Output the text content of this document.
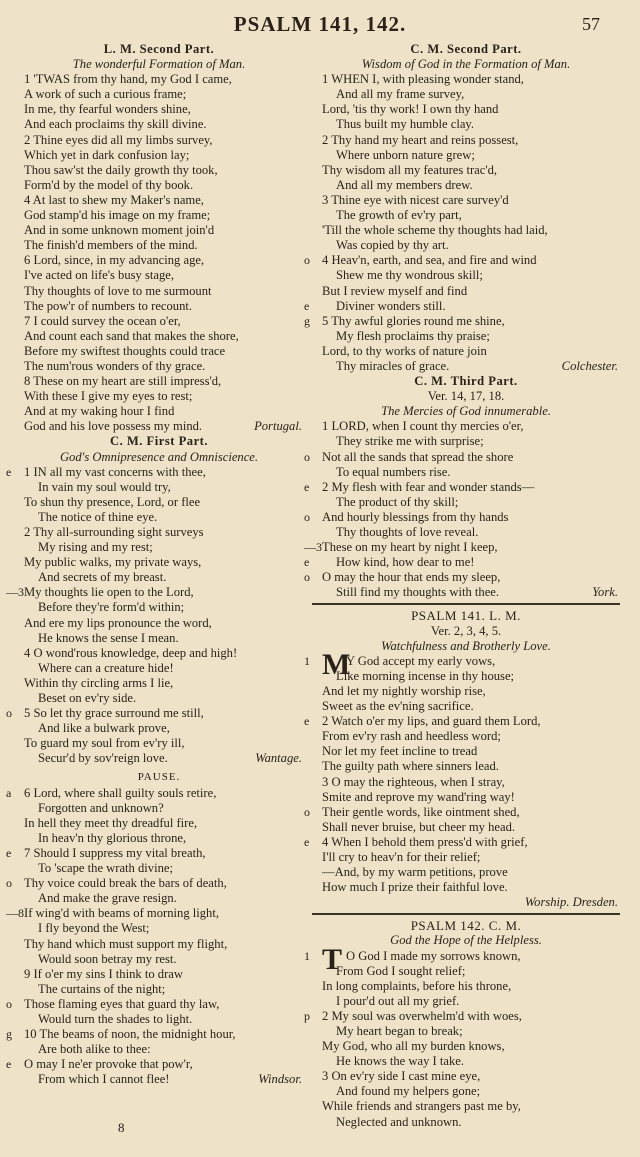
PSALM 141, 142.	57
L. M. Second Part.
The wonderful Formation of Man.
1 'TWAS from thy hand, my God I came,
A work of such a curious frame;
In me, thy fearful wonders shine,
And each proclaims thy skill divine.
2 Thine eyes did all my limbs survey,
Which yet in dark confusion lay;
Thou saw'st the daily growth thy took,
Form'd by the model of thy book.
4 At last to shew my Maker's name,
God stamp'd his image on my frame;
And in some unknown moment join'd
The finish'd members of the mind.
6 Lord, since, in my advancing age,
I've acted on life's busy stage,
Thy thoughts of love to me surmount
The pow'r of numbers to recount.
7 I could survey the ocean o'er,
And count each sand that makes the shore,
Before my swiftest thoughts could trace
The num'rous wonders of thy grace.
8 These on my heart are still impress'd,
With these I give my eyes to rest;
And at my waking hour I find
God and his love possess my mind.	Portugal.
C. M. First Part.
God's Omnipresence and Omniscience.
e 1 IN all my vast concerns with thee,
In vain my soul would try,
To shun thy presence, Lord, or flee
The notice of thine eye.
2 Thy all-surrounding sight surveys
My rising and my rest;
My public walks, my private ways,
And secrets of my breast.
—3 My thoughts lie open to the Lord,
Before they're form'd within;
And ere my lips pronounce the word,
He knows the sense I mean.
4 O wond'rous knowledge, deep and high!
Where can a creature hide!
Within thy circling arms I lie,
Beset on ev'ry side.
o 5 So let thy grace surround me still,
And like a bulwark prove,
To guard my soul from ev'ry ill,
Secur'd by sov'reign love.	Wantage.
PAUSE.
a 6 Lord, where shall guilty souls retire,
Forgotten and unknown?
In hell they meet thy dreadful fire,
In heav'n thy glorious throne,
e 7 Should I suppress my vital breath,
To 'scape the wrath divine;
o Thy voice could break the bars of death,
And make the grave resign.
—8 If wing'd with beams of morning light,
I fly beyond the West;
Thy hand which must support my flight,
Would soon betray my rest.
9 If o'er my sins I think to draw
The curtains of the night;
o Those flaming eyes that guard thy law,
Would turn the shades to light.
g 10 The beams of noon, the midnight hour,
Are both alike to thee:
e O may I ne'er provoke that pow'r,
From which I cannot flee!	Windsor.
C. M. Second Part.
Wisdom of God in the Formation of Man.
1 WHEN I, with pleasing wonder stand,
And all my frame survey,
Lord, 'tis thy work! I own thy hand
Thus built my humble clay.
2 Thy hand my heart and reins possest,
Where unborn nature grew;
Thy wisdom all my features trac'd,
And all my members drew.
3 Thine eye with nicest care survey'd
The growth of ev'ry part,
'Till the whole scheme thy thoughts had laid,
Was copied by thy art.
o 4 Heav'n, earth, and sea, and fire and wind
Shew me thy wondrous skill;
But I review myself and find
e Diviner wonders still.
g 5 Thy awful glories round me shine,
My flesh proclaims thy praise;
Lord, to thy works of nature join
Thy miracles of grace.	Colchester.
C. M. Third Part.
Ver. 14, 17, 18.
The Mercies of God innumerable.
1 LORD, when I count thy mercies o'er,
They strike me with surprise;
o Not all the sands that spread the shore
To equal numbers rise.
e 2 My flesh with fear and wonder stands—
The product of thy skill;
o And hourly blessings from thy hands
Thy thoughts of love reveal.
—3 These on my heart by night I keep,
e How kind, how dear to me!
o O may the hour that ends my sleep,
Still find my thoughts with thee.	York.
PSALM 141. L. M.
Ver. 2, 3, 4, 5.
Watchfulness and Brotherly Love.
1 MY God accept my early vows,
Like morning incense in thy house;
And let my nightly worship rise,
Sweet as the ev'ning sacrifice.
e 2 Watch o'er my lips, and guard them Lord,
From ev'ry rash and heedless word;
Nor let my feet incline to tread
The guilty path where sinners lead.
3 O may the righteous, when I stray,
Smite and reprove my wand'ring way!
o Their gentle words, like ointment shed,
Shall never bruise, but cheer my head.
e 4 When I behold them press'd with grief,
I'll cry to heav'n for their relief;
—And, by my warm petitions, prove
How much I prize their faithful love.
Worship. Dresden.
PSALM 142. C. M.
God the Hope of the Helpless.
1 T O God I made my sorrows known,
From God I sought relief;
In long complaints, before his throne,
I pour'd out all my grief.
p 2 My soul was overwhelm'd with woes,
My heart began to break;
My God, who all my burden knows,
He knows the way I take.
3 On ev'ry side I cast mine eye,
And found my helpers gone;
While friends and strangers past me by,
Neglected and unknown.
8
